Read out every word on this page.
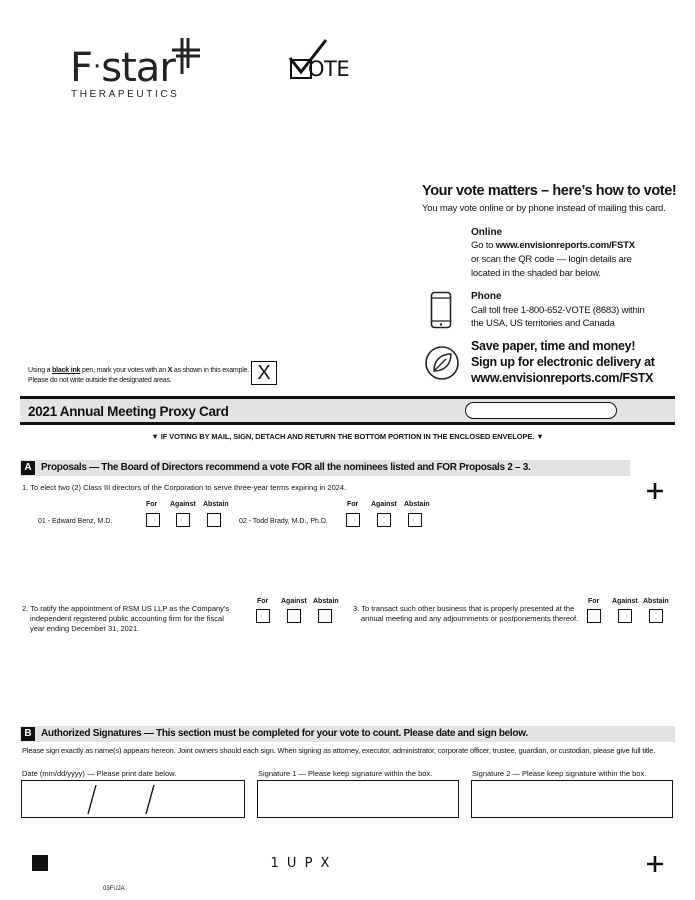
F·star
THERAPEUTICS
OTE
Your vote matters – here’s how to vote!
You may vote online or by phone instead of mailing this card.
Online
Go to www.envisionreports.com/FSTX
or scan the QR code — login details are
located in the shaded bar below.
Phone
Call toll free 1-800-652-VOTE (8683) within
the USA, US territories and Canada
Save paper, time and money!
Sign up for electronic delivery at
www.envisionreports.com/FSTX
Using a black ink pen, mark your votes with an X as shown in this example.
Please do not write outside the designated areas.	X
2021 Annual Meeting Proxy Card
▼ IF VOTING BY MAIL, SIGN, DETACH AND RETURN THE BOTTOM PORTION IN THE ENCLOSED ENVELOPE. ▼
A Proposals — The Board of Directors recommend a vote FOR all the nominees listed and FOR Proposals 2 – 3.
1. To elect two (2) Class III directors of the Corporation to serve three-year terms expiring in 2024.
For Against Abstain	For Against Abstain
01 - Edward Benz, M.D.	02 - Todd Brady, M.D., Ph.D.
2. To ratify the appointment of RSM US LLP as the Company's
independent registered public accounting firm for the fiscal
year ending December 31, 2021.
For Against Abstain
3. To transact such other business that is properly presented at the
annual meeting and any adjournments or postponements thereof.
For Against Abstain
B Authorized Signatures — This section must be completed for your vote to count. Please date and sign below.
Please sign exactly as name(s) appears hereon. Joint owners should each sign. When signing as attorney, executor, administrator, corporate officer, trustee, guardian, or custodian, please give full title.
Date (mm/dd/yyyy) — Please print date below.	Signature 1 — Please keep signature within the box.	Signature 2 — Please keep signature within the box.
1 U P X
03FUJA
